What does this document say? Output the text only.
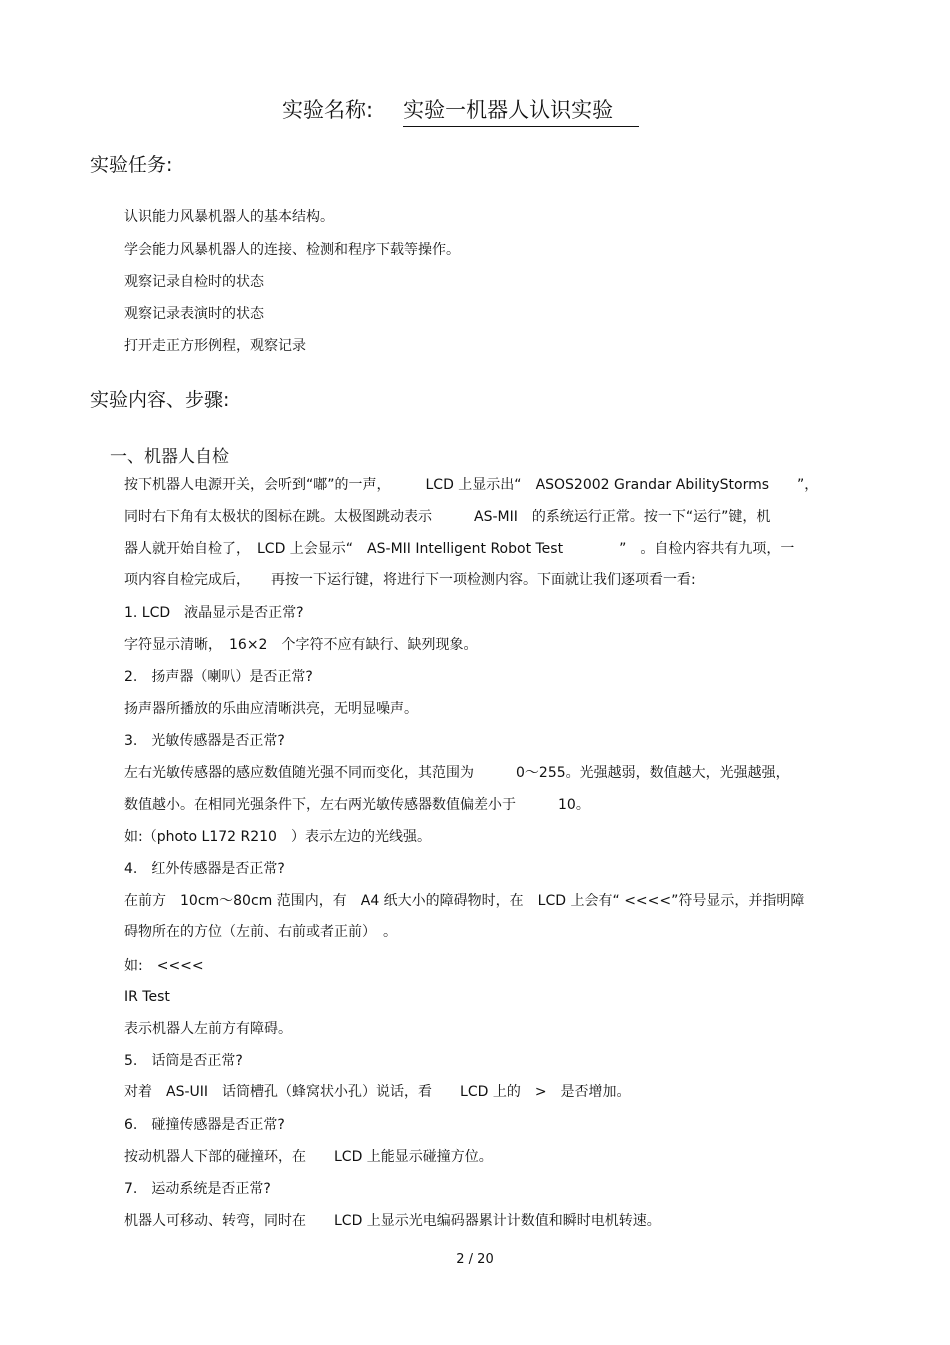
实验名称: 实验一机器人认识实验
实验任务:
认识能力风暴机器人的基本结构。
学会能力风暴机器人的连接、检测和程序下载等操作。
观察记录自检时的状态
观察记录表演时的状态
打开走正方形例程，观察记录
实验内容、步骤:
一、机器人自检
按下机器人电源开关，会听到“嘟”的一声，　　　LCD 上显示出“　ASOS2002 Grandar AbilityStorms　　”，
同时右下角有太极状的图标在跳。太极图跳动表示　　　AS-MII　的系统运行正常。按一下“运行”键，机
器人就开始自检了，　LCD 上会显示“　AS-MII Intelligent Robot Test　　　　”　。自检内容共有九项，一
项内容自检完成后，　　再按一下运行键，将进行下一项检测内容。下面就让我们逐项看一看:
1. LCD　液晶显示是否正常?
字符显示清晰，　16×2　个字符不应有缺行、缺列现象。
2.　扬声器（喇叭）是否正常?
扬声器所播放的乐曲应清晰洪亮，无明显噪声。
3.　光敏传感器是否正常?
左右光敏传感器的感应数值随光强不同而变化，其范围为　　　0～255。光强越弱，数值越大，光强越强，
数值越小。在相同光强条件下，左右两光敏传感器数值偏差小于　　　10。
如:（photo L172 R210　）表示左边的光线强。
4.　红外传感器是否正常?
在前方　10cm～80cm 范围内，有　A4 纸大小的障碍物时，在　LCD 上会有“ <<<<”符号显示，并指明障
碍物所在的方位（左前、右前或者正前）　。
如:　<<<<
IR Test
表示机器人左前方有障碍。
5.　话筒是否正常?
对着　AS-UII　话筒槽孔（蜂窝状小孔）说话，看　　LCD 上的　>　是否增加。
6.　碰撞传感器是否正常?
按动机器人下部的碰撞环，在　　LCD 上能显示碰撞方位。
7.　运动系统是否正常?
机器人可移动、转弯，同时在　　LCD 上显示光电编码器累计计数值和瞬时电机转速。
2 / 20
